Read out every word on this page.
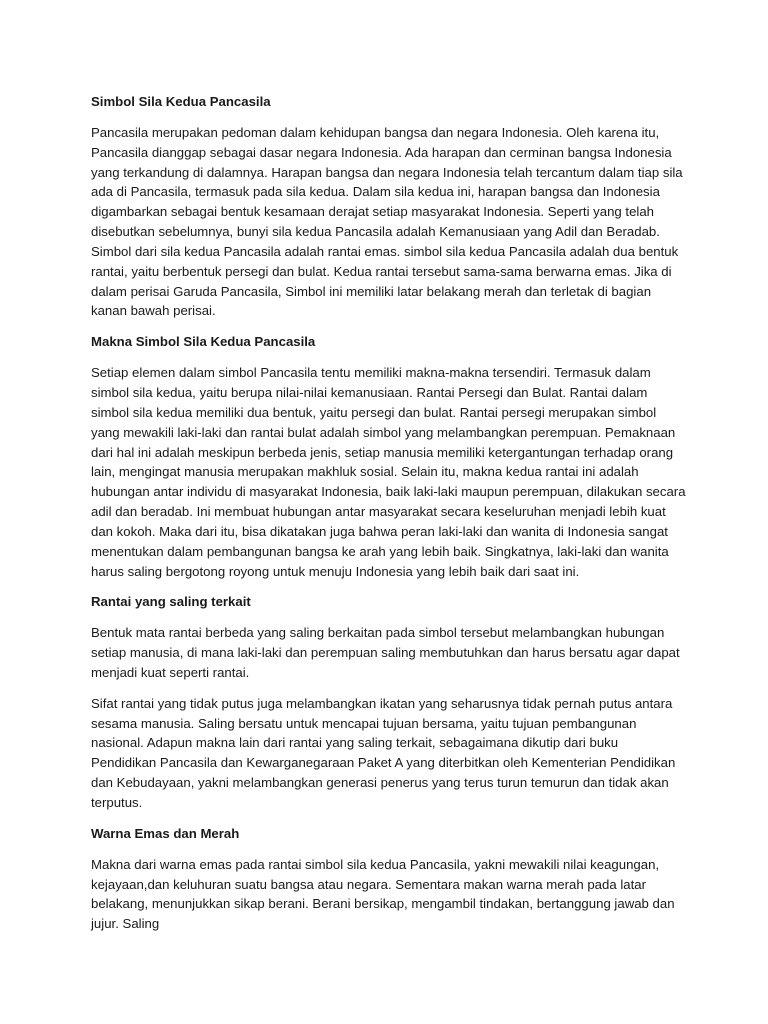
Simbol Sila Kedua Pancasila

Pancasila merupakan pedoman dalam kehidupan bangsa dan negara Indonesia. Oleh karena itu, Pancasila dianggap sebagai dasar negara Indonesia. Ada harapan dan cerminan bangsa Indonesia yang terkandung di dalamnya. Harapan bangsa dan negara Indonesia telah tercantum dalam tiap sila ada di Pancasila, termasuk pada sila kedua. Dalam sila kedua ini, harapan bangsa dan Indonesia digambarkan sebagai bentuk kesamaan derajat setiap masyarakat Indonesia. Seperti yang telah disebutkan sebelumnya, bunyi sila kedua Pancasila adalah Kemanusiaan yang Adil dan Beradab. Simbol dari sila kedua Pancasila adalah rantai emas. simbol sila kedua Pancasila adalah dua bentuk rantai, yaitu berbentuk persegi dan bulat. Kedua rantai tersebut sama-sama berwarna emas. Jika di dalam perisai Garuda Pancasila, Simbol ini memiliki latar belakang merah dan terletak di bagian kanan bawah perisai.

Makna Simbol Sila Kedua Pancasila

Setiap elemen dalam simbol Pancasila tentu memiliki makna-makna tersendiri. Termasuk dalam simbol sila kedua, yaitu berupa nilai-nilai kemanusiaan. Rantai Persegi dan Bulat. Rantai dalam simbol sila kedua memiliki dua bentuk, yaitu persegi dan bulat. Rantai persegi merupakan simbol yang mewakili laki-laki dan rantai bulat adalah simbol yang melambangkan perempuan. Pemaknaan dari hal ini adalah meskipun berbeda jenis, setiap manusia memiliki ketergantungan terhadap orang lain, mengingat manusia merupakan makhluk sosial. Selain itu, makna kedua rantai ini adalah hubungan antar individu di masyarakat Indonesia, baik laki-laki maupun perempuan, dilakukan secara adil dan beradab. Ini membuat hubungan antar masyarakat secara keseluruhan menjadi lebih kuat dan kokoh. Maka dari itu, bisa dikatakan juga bahwa peran laki-laki dan wanita di Indonesia sangat menentukan dalam pembangunan bangsa ke arah yang lebih baik. Singkatnya, laki-laki dan wanita harus saling bergotong royong untuk menuju Indonesia yang lebih baik dari saat ini.

Rantai yang saling terkait

Bentuk mata rantai berbeda yang saling berkaitan pada simbol tersebut melambangkan hubungan setiap manusia, di mana laki-laki dan perempuan saling membutuhkan dan harus bersatu agar dapat menjadi kuat seperti rantai.

Sifat rantai yang tidak putus juga melambangkan ikatan yang seharusnya tidak pernah putus antara sesama manusia. Saling bersatu untuk mencapai tujuan bersama, yaitu tujuan pembangunan nasional. Adapun makna lain dari rantai yang saling terkait, sebagaimana dikutip dari buku Pendidikan Pancasila dan Kewarganegaraan Paket A yang diterbitkan oleh Kementerian Pendidikan dan Kebudayaan, yakni melambangkan generasi penerus yang terus turun temurun dan tidak akan terputus.

Warna Emas dan Merah

Makna dari warna emas pada rantai simbol sila kedua Pancasila, yakni mewakili nilai keagungan, kejayaan,dan keluhuran suatu bangsa atau negara. Sementara makan warna merah pada latar belakang, menunjukkan sikap berani. Berani bersikap, mengambil tindakan, bertanggung jawab dan jujur. Saling
